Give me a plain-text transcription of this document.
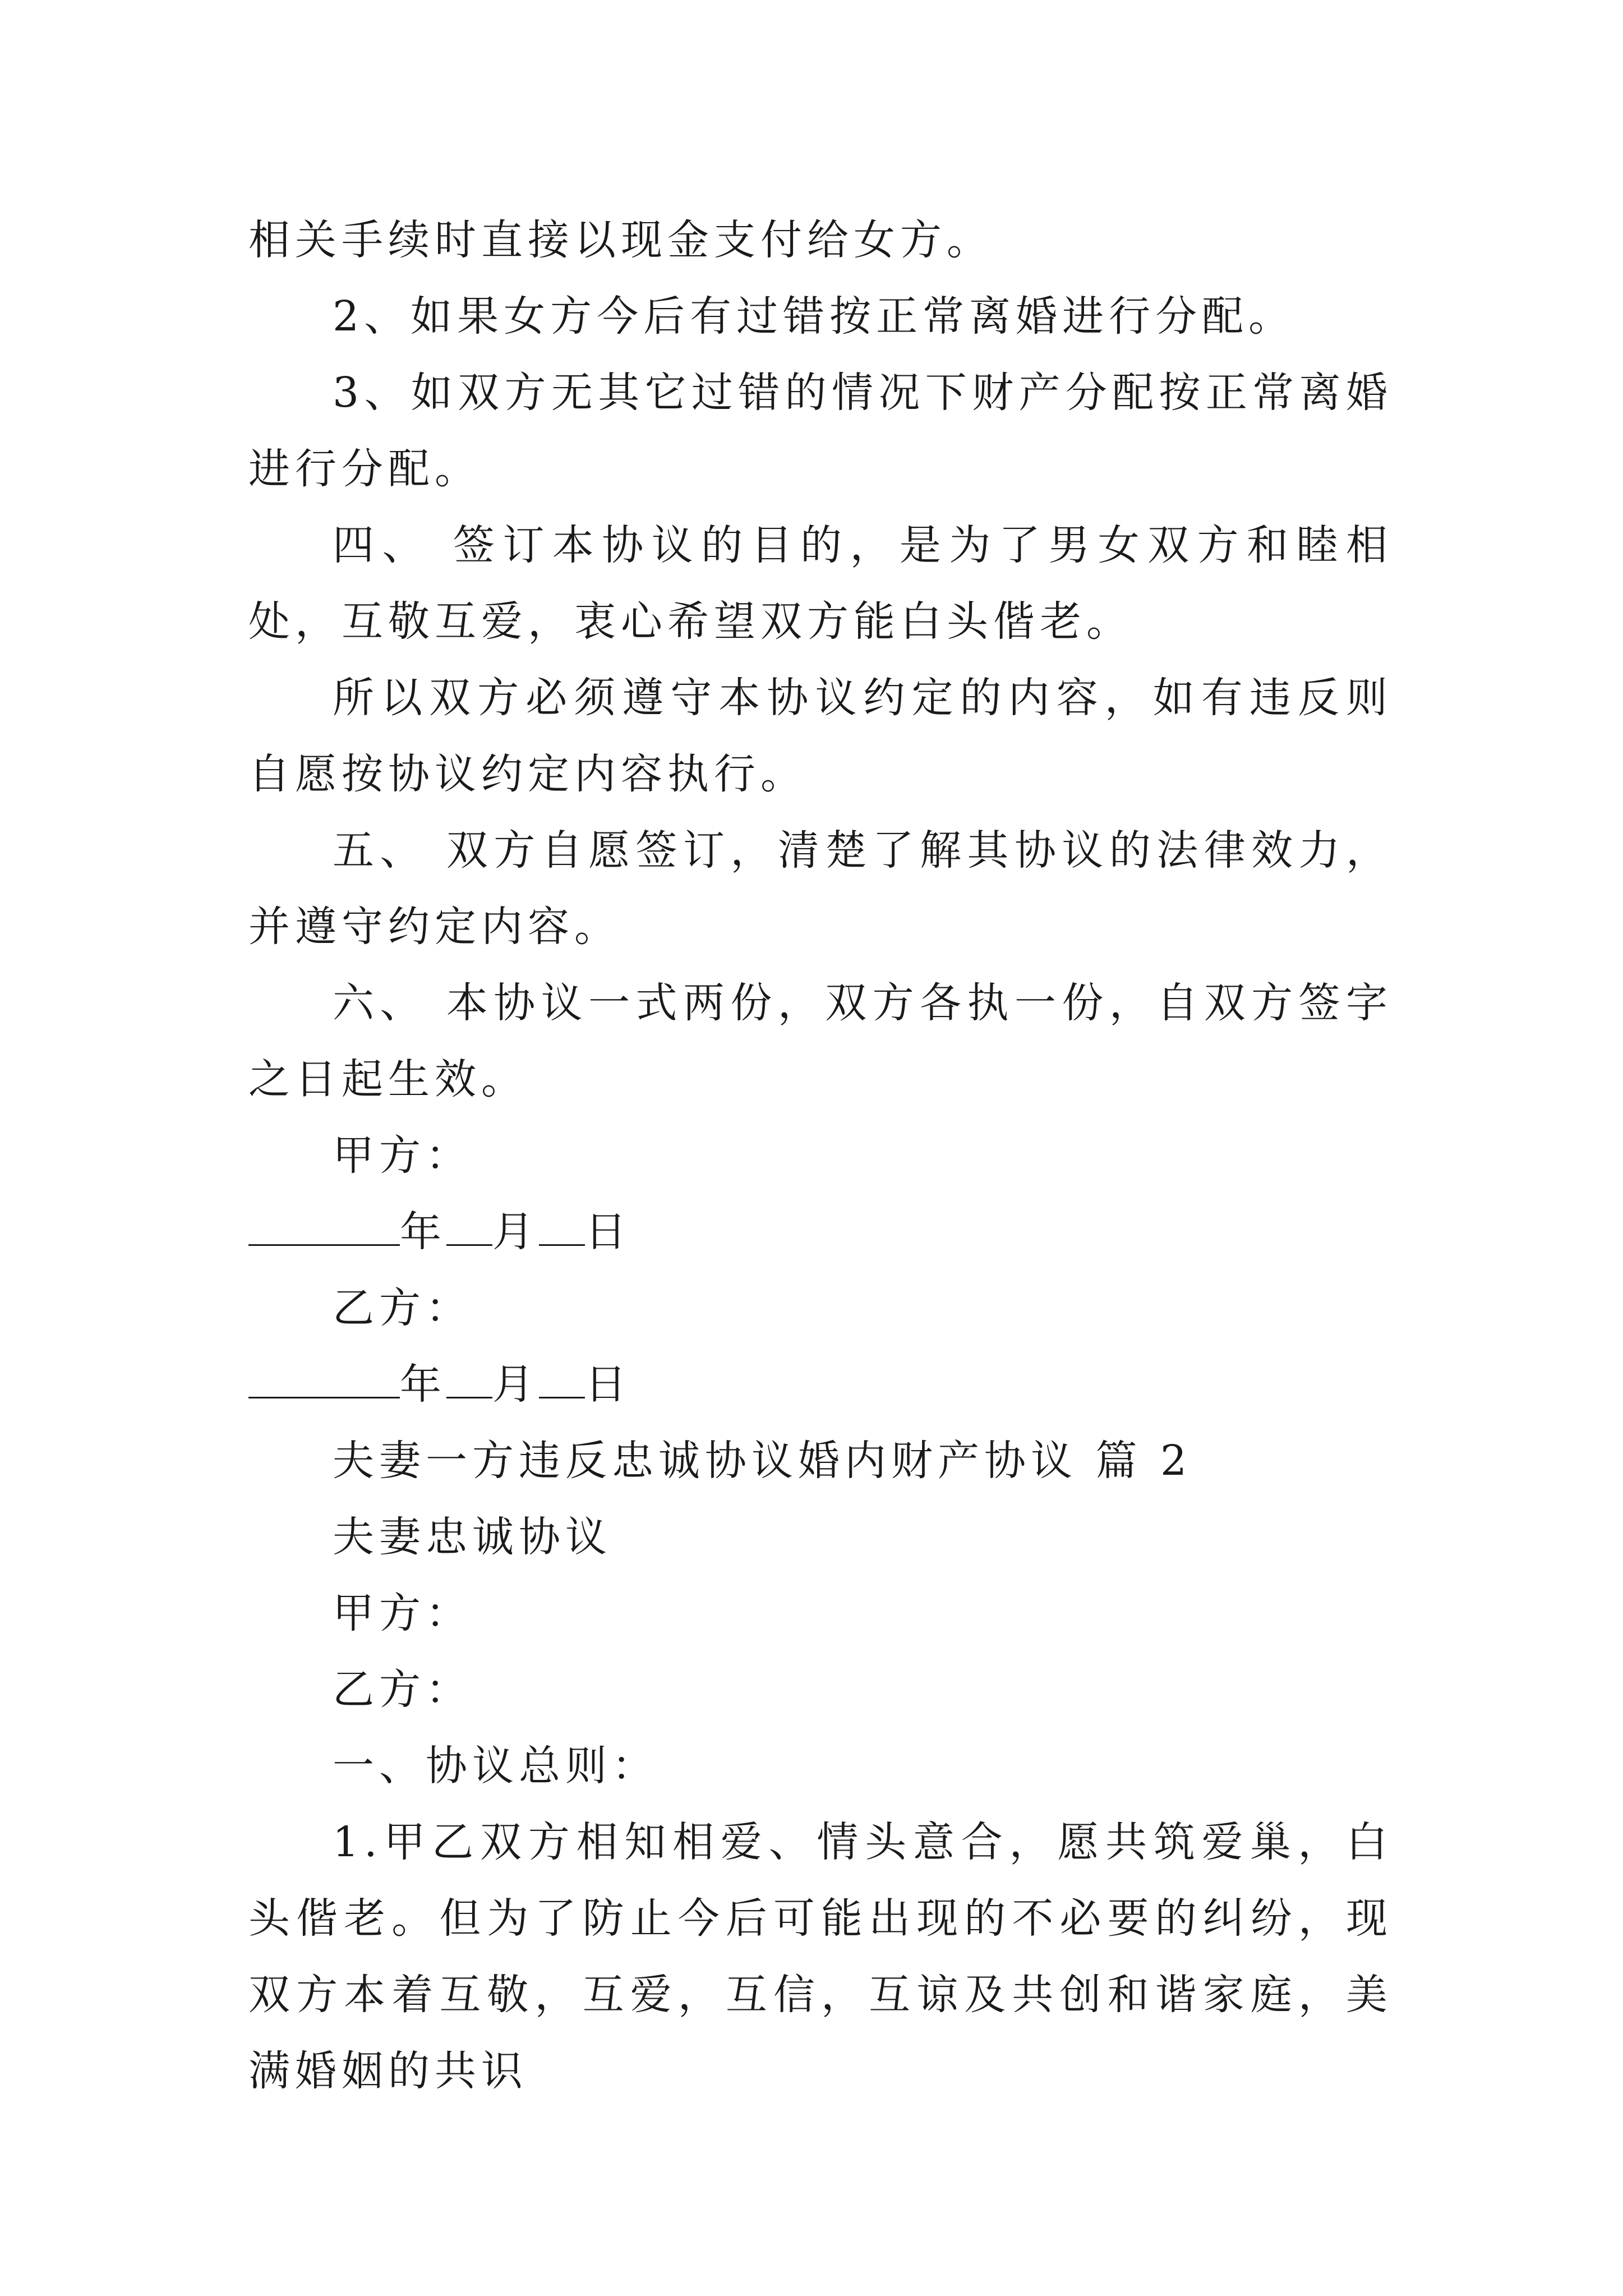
相关手续时直接以现金支付给女方。

2、如果女方今后有过错按正常离婚进行分配。

3、如双方无其它过错的情况下财产分配按正常离婚进行分配。

四、 签订本协议的目的，是为了男女双方和睦相处，互敬互爱，衷心希望双方能白头偕老。

所以双方必须遵守本协议约定的内容，如有违反则自愿按协议约定内容执行。

五、 双方自愿签订，清楚了解其协议的法律效力，并遵守约定内容。

六、 本协议一式两份，双方各执一份，自双方签字之日起生效。

甲方：

年 月 日

乙方：

年 月 日

夫妻一方违反忠诚协议婚内财产协议 篇 2

夫妻忠诚协议

甲方：

乙方：

一、协议总则：

1.甲乙双方相知相爱、情头意合，愿共筑爱巢，白头偕老。但为了防止今后可能出现的不必要的纠纷，现双方本着互敬，互爱，互信，互谅及共创和谐家庭，美满婚姻的共识
